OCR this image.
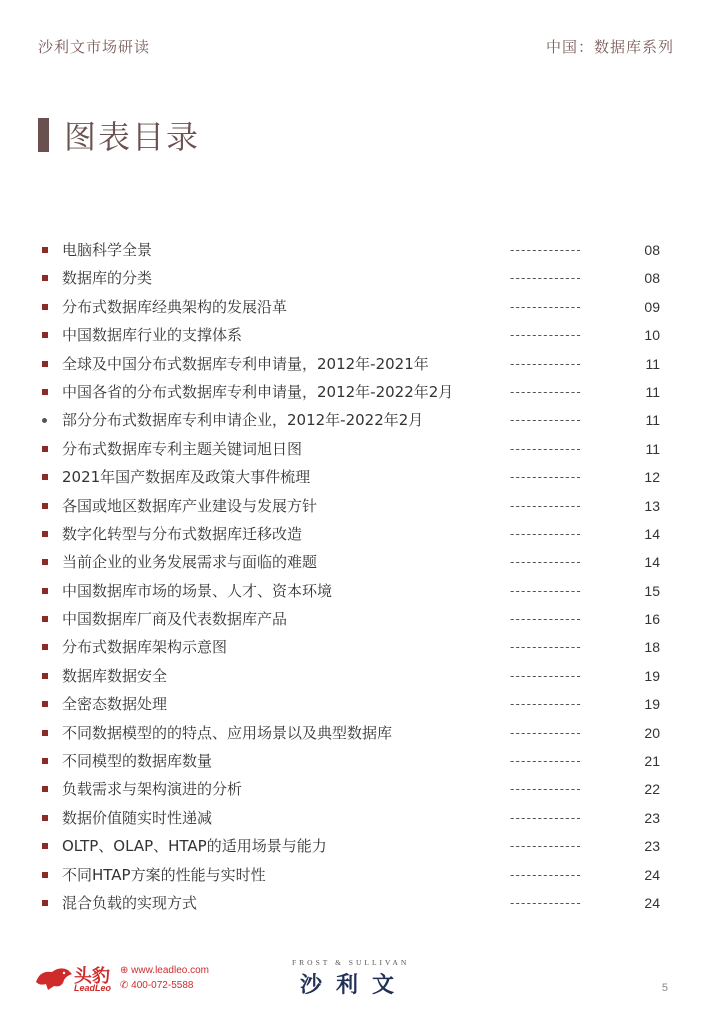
沙利文市场研读	中国：数据库系列
图表目录
电脑科学全景	-------------	08
数据库的分类	-------------	08
分布式数据库经典架构的发展沿革	-------------	09
中国数据库行业的支撑体系	-------------	10
全球及中国分布式数据库专利申请量，2012年-2021年	-------------	11
中国各省的分布式数据库专利申请量，2012年-2022年2月	-------------	11
部分分布式数据库专利申请企业，2012年-2022年2月	-------------	11
分布式数据库专利主题关键词旭日图	-------------	11
2021年国产数据库及政策大事件梳理	-------------	12
各国或地区数据库产业建设与发展方针	-------------	13
数字化转型与分布式数据库迁移改造	-------------	14
当前企业的业务发展需求与面临的难题	-------------	14
中国数据库市场的场景、人才、资本环境	-------------	15
中国数据库厂商及代表数据库产品	-------------	16
分布式数据库架构示意图	-------------	18
数据库数据安全	-------------	19
全密态数据处理	-------------	19
不同数据模型的的特点、应用场景以及典型数据库	-------------	20
不同模型的数据库数量	-------------	21
负载需求与架构演进的分析	-------------	22
数据价值随实时性递减	-------------	23
OLTP、OLAP、HTAP的适用场景与能力	-------------	23
不同HTAP方案的性能与实时性	-------------	24
混合负载的实现方式	-------------	24
头豹
LeadLeo
⊕ www.leadleo.com
✆ 400-072-5588
FROST & SULLIVAN
沙利文	5
